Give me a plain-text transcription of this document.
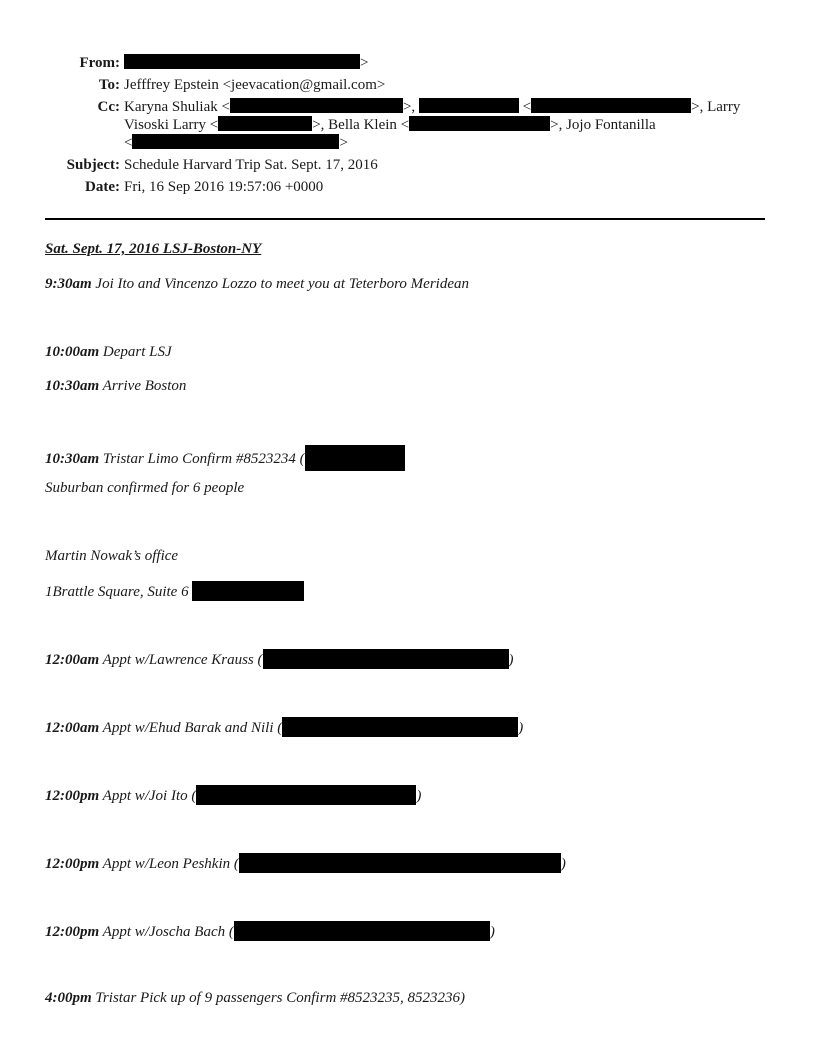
From:	>
To: Jefffrey Epstein <jeevacation@gmail.com>
Cc: Karyna Shuliak <	>,	<	>, Larry
Visoski Larry <	>, Bella Klein <	>, Jojo Fontanilla
<	>
Subject: Schedule Harvard Trip Sat. Sept. 17, 2016
Date: Fri, 16 Sep 2016 19:57:06 +0000
Sat. Sept. 17, 2016 LSJ-Boston-NY
9:30am Joi Ito and Vincenzo Lozzo to meet you at Teterboro Meridean
10:00am Depart LSJ
10:30am Arrive Boston
10:30am Tristar Limo Confirm #8523234 (
Suburban confirmed for 6 people
Martin Nowak’s office
1Brattle Square, Suite 6
12:00am Appt w/Lawrence Krauss (	)
12:00am Appt w/Ehud Barak and Nili (	)
12:00pm Appt w/Joi Ito (	)
12:00pm Appt w/Leon Peshkin (	)
12:00pm Appt w/Joscha Bach (	)
4:00pm Tristar Pick up of 9 passengers Confirm #8523235, 8523236)
